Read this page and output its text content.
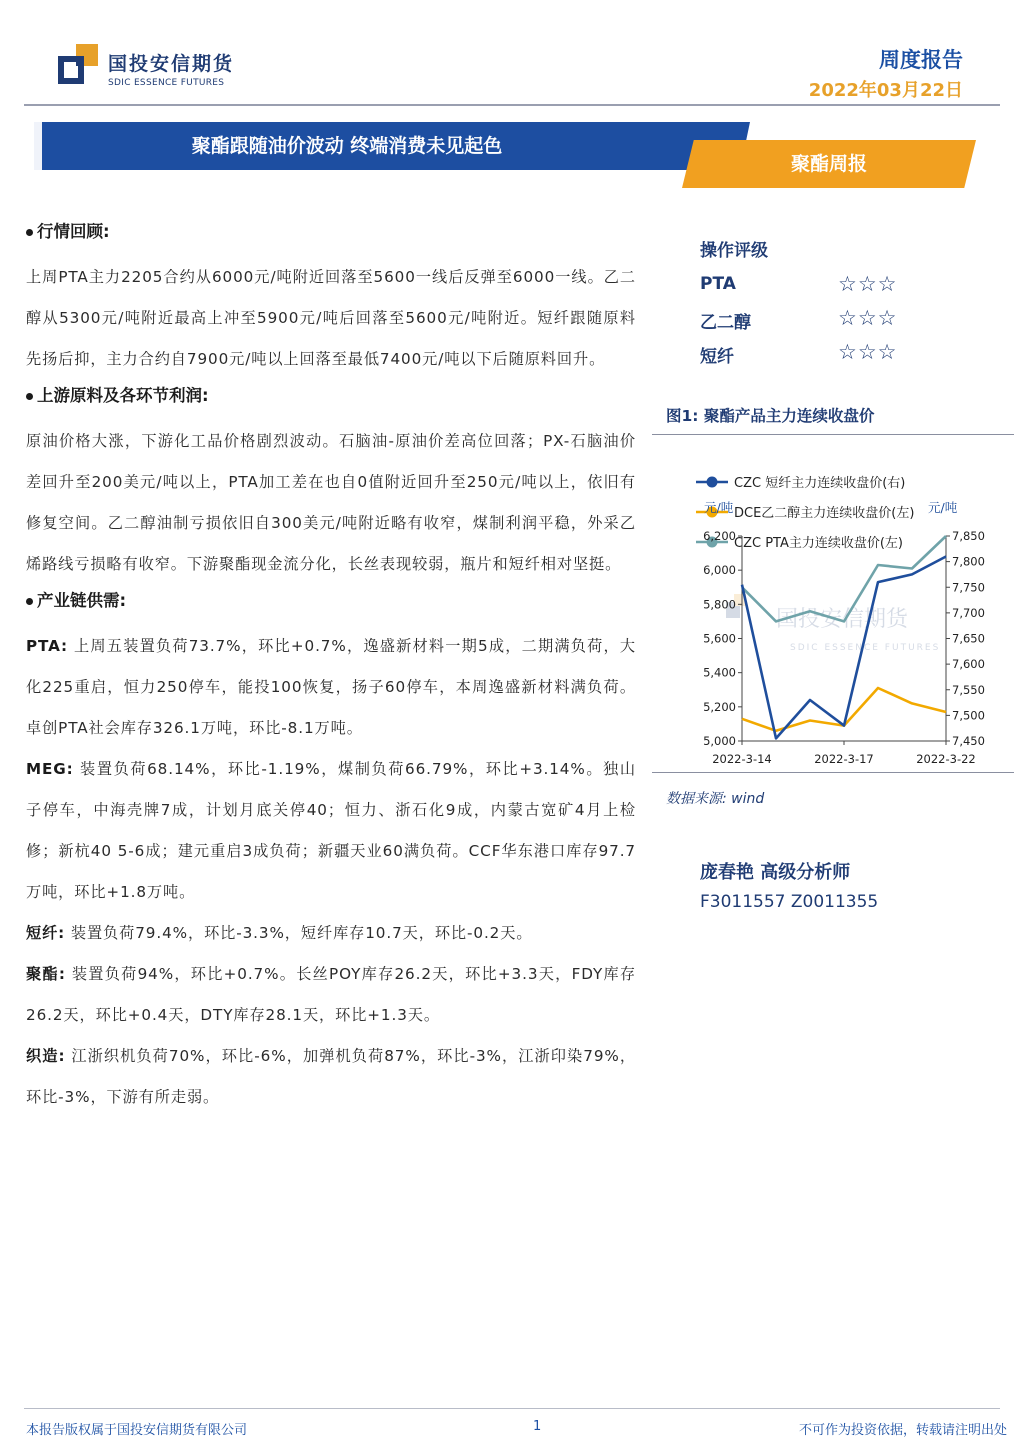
国投安信期货
SDIC ESSENCE FUTURES
周度报告
2022年03月22日
聚酯跟随油价波动 终端消费未见起色
聚酯周报
行情回顾:

上周PTA主力2205合约从6000元/吨附近回落至5600一线后反弹至6000一线。乙二醇从5300元/吨附近最高上冲至5900元/吨后回落至5600元/吨附近。短纤跟随原料先扬后抑，主力合约自7900元/吨以上回落至最低7400元/吨以下后随原料回升。

上游原料及各环节利润:

原油价格大涨，下游化工品价格剧烈波动。石脑油-原油价差高位回落；PX-石脑油价差回升至200美元/吨以上，PTA加工差在也自0值附近回升至250元/吨以上，依旧有修复空间。乙二醇油制亏损依旧自300美元/吨附近略有收窄，煤制利润平稳，外采乙烯路线亏损略有收窄。下游聚酯现金流分化，长丝表现较弱，瓶片和短纤相对坚挺。

产业链供需:

PTA: 上周五装置负荷73.7%，环比+0.7%，逸盛新材料一期5成，二期满负荷，大化225重启，恒力250停车，能投100恢复，扬子60停车，本周逸盛新材料满负荷。卓创PTA社会库存326.1万吨，环比-8.1万吨。

MEG: 装置负荷68.14%，环比-1.19%，煤制负荷66.79%，环比+3.14%。独山子停车，中海壳牌7成，计划月底关停40；恒力、浙石化9成，内蒙古宽矿4月上检修；新杭40 5-6成；建元重启3成负荷；新疆天业60满负荷。CCF华东港口库存97.7万吨，环比+1.8万吨。

短纤: 装置负荷79.4%，环比-3.3%，短纤库存10.7天，环比-0.2天。

聚酯: 装置负荷94%，环比+0.7%。长丝POY库存26.2天，环比+3.3天，FDY库存26.2天，环比+0.4天，DTY库存28.1天，环比+1.3天。

织造: 江浙织机负荷70%，环比-6%，加弹机负荷87%，环比-3%，江浙印染79%，环比-3%，下游有所走弱。

操作评级
PTA	☆☆☆
乙二醇	☆☆☆
短纤	☆☆☆
图1: 聚酯产品主力连续收盘价
国投安信期货
SDIC ESSENCE FUTURES
CZC 短纤主力连续收盘价(右)
DCE乙二醇主力连续收盘价(左)
CZC PTA主力连续收盘价(左)
5,000
5,200
5,400
5,600
5,800
6,000
6,200
7,450
7,500
7,550
7,600
7,650
7,700
7,750
7,800
7,850
2022-3-14	2022-3-17	2022-3-22
元/吨	元/吨
数据来源: wind
庞春艳 高级分析师
F3011557 Z0011355
本报告版权属于国投安信期货有限公司	1	不可作为投资依据，转载请注明出处
